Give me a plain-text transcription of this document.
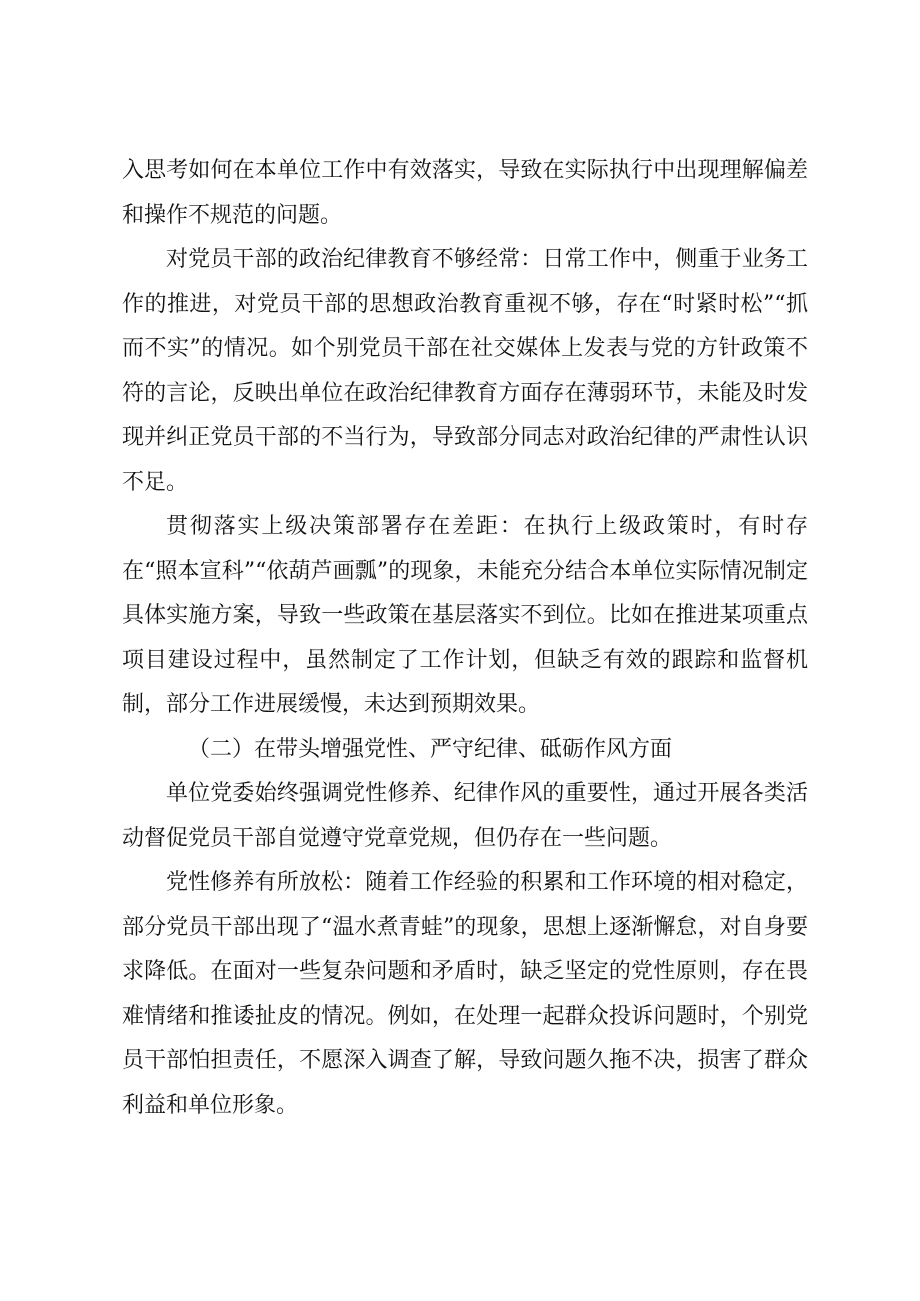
入思考如何在本单位工作中有效落实，导致在实际执行中出现理解偏差和操作不规范的问题。

对党员干部的政治纪律教育不够经常：日常工作中，侧重于业务工作的推进，对党员干部的思想政治教育重视不够，存在“时紧时松”“抓而不实”的情况。如个别党员干部在社交媒体上发表与党的方针政策不符的言论，反映出单位在政治纪律教育方面存在薄弱环节，未能及时发现并纠正党员干部的不当行为，导致部分同志对政治纪律的严肃性认识不足。

贯彻落实上级决策部署存在差距：在执行上级政策时，有时存在“照本宣科”“依葫芦画瓢”的现象，未能充分结合本单位实际情况制定具体实施方案，导致一些政策在基层落实不到位。比如在推进某项重点项目建设过程中，虽然制定了工作计划，但缺乏有效的跟踪和监督机制，部分工作进展缓慢，未达到预期效果。

（二）在带头增强党性、严守纪律、砥砺作风方面

单位党委始终强调党性修养、纪律作风的重要性，通过开展各类活动督促党员干部自觉遵守党章党规，但仍存在一些问题。

党性修养有所放松：随着工作经验的积累和工作环境的相对稳定，部分党员干部出现了“温水煮青蛙”的现象，思想上逐渐懈怠，对自身要求降低。在面对一些复杂问题和矛盾时，缺乏坚定的党性原则，存在畏难情绪和推诿扯皮的情况。例如，在处理一起群众投诉问题时，个别党员干部怕担责任，不愿深入调查了解，导致问题久拖不决，损害了群众利益和单位形象。
